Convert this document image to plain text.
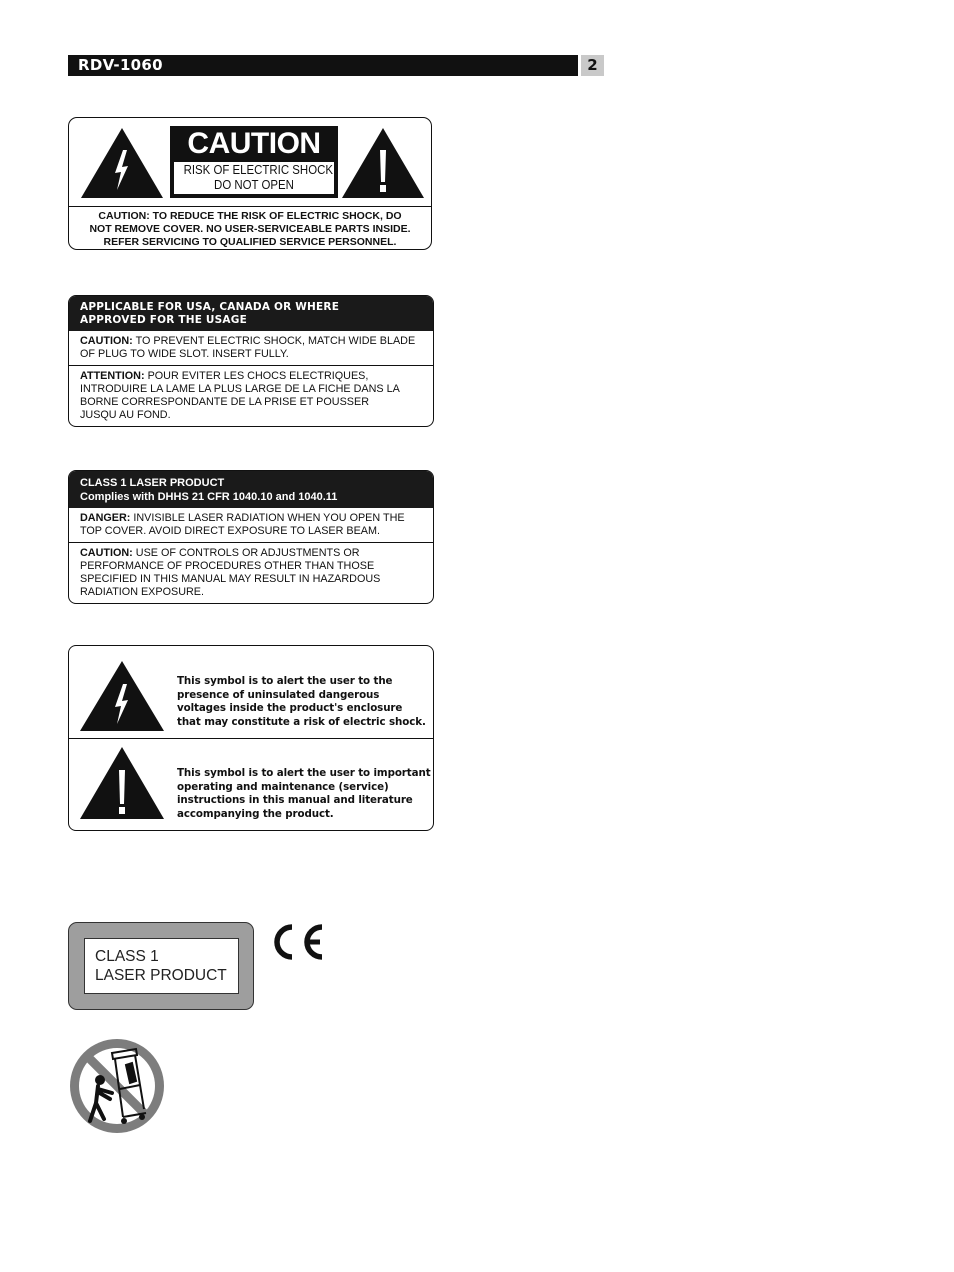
RDV-1060	2
CAUTION
RISK OF ELECTRIC SHOCK
DO NOT OPEN
CAUTION: TO REDUCE THE RISK OF ELECTRIC SHOCK, DO
NOT REMOVE COVER. NO USER-SERVICEABLE PARTS INSIDE.
REFER SERVICING TO QUALIFIED SERVICE PERSONNEL.
APPLICABLE FOR USA, CANADA OR WHERE
APPROVED FOR THE USAGE
CAUTION: TO PREVENT ELECTRIC SHOCK, MATCH WIDE BLADE OF PLUG TO WIDE SLOT. INSERT FULLY.
ATTENTION: POUR EVITER LES CHOCS ELECTRIQUES, INTRODUIRE LA LAME LA PLUS LARGE DE LA FICHE DANS LA BORNE CORRESPONDANTE DE LA PRISE ET POUSSER JUSQU AU FOND.
CLASS 1 LASER PRODUCT
Complies with DHHS 21 CFR 1040.10 and 1040.11
DANGER: INVISIBLE LASER RADIATION WHEN YOU OPEN THE TOP COVER. AVOID DIRECT EXPOSURE TO LASER BEAM.
CAUTION: USE OF CONTROLS OR ADJUSTMENTS OR PERFORMANCE OF PROCEDURES OTHER THAN THOSE SPECIFIED IN THIS MANUAL MAY RESULT IN HAZARDOUS RADIATION EXPOSURE.
This symbol is to alert the user to the
presence of uninsulated dangerous
voltages inside the product's enclosure
that may constitute a risk of electric shock.
This symbol is to alert the user to important
operating and maintenance (service)
instructions in this manual and literature
accompanying the product.
CLASS 1
LASER PRODUCT
